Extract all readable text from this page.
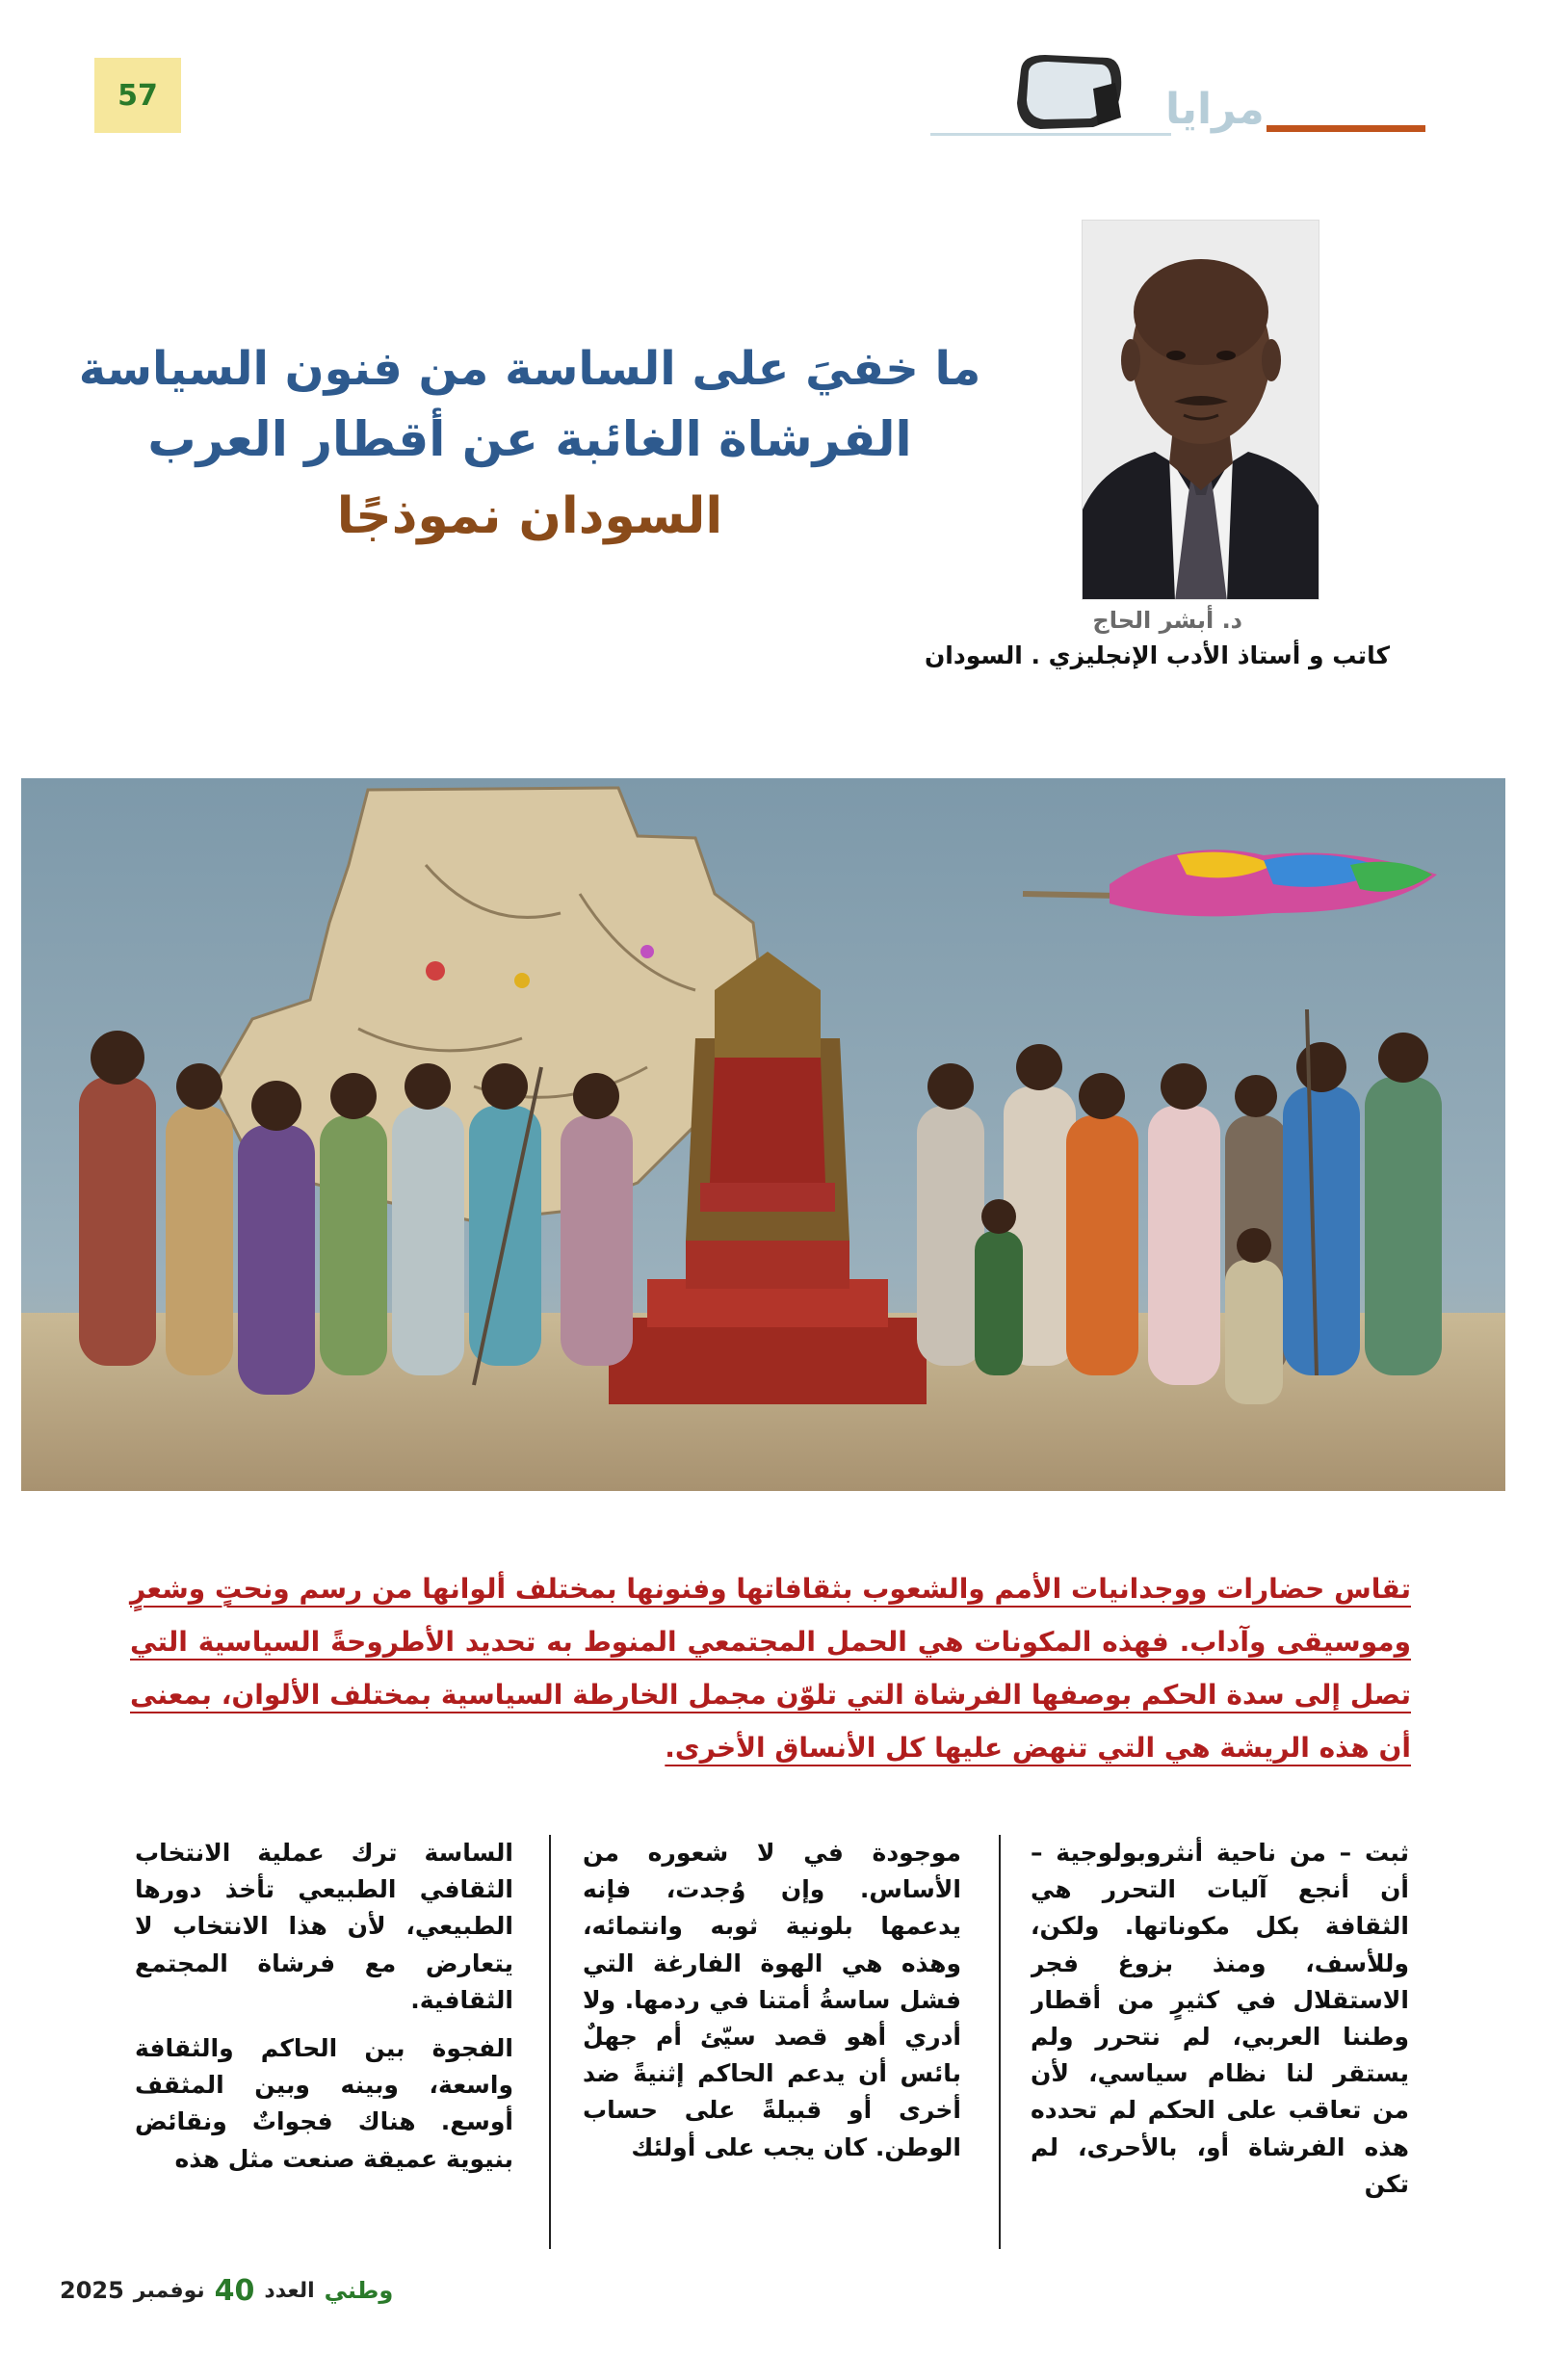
57	مرايا
ما خفيَ على الساسة من فنون السياسة
الفرشاة الغائبة عن أقطار العرب
السودان نموذجًا
د. أبشر الحاج
كاتب و أستاذ الأدب الإنجليزي . السودان
تقاس حضارات ووجدانيات الأمم والشعوب بثقافاتها وفنونها بمختلف ألوانها من رسم ونحتٍ وشعرٍ وموسيقى وآداب. فهذه المكونات هي الحمل المجتمعي المنوط به تحديد الأطروحةً السياسية التي تصل إلى سدة الحكم بوصفها الفرشاة التي تلوّن مجمل الخارطة السياسية بمختلف الألوان، بمعنى أن هذه الريشة هي التي تنهض عليها كل الأنساق الأخرى.

ثبت – من ناحية أنثروبولوجية – أن أنجع آليات التحرر هي الثقافة بكل مكوناتها. ولكن، وللأسف، ومنذ بزوغ فجر الاستقلال في كثيرٍ من أقطار وطننا العربي، لم نتحرر ولم يستقر لنا نظام سياسي، لأن من تعاقب على الحكم لم تحدده هذه الفرشاة أو، بالأحرى، لم تكن

موجودة في لا شعوره من الأساس. وإن وُجدت، فإنه يدعمها بلونية ثوبه وانتمائه، وهذه هي الهوة الفارغة التي فشل ساسةُ أمتنا في ردمها. ولا أدري أهو قصد سيّئ أم جهلٌ بائس أن يدعم الحاكم إثنيةً ضد أخرى أو قبيلةً على حساب الوطن. كان يجب على أولئك

الساسة ترك عملية الانتخاب الثقافي الطبيعي تأخذ دورها الطبيعي، لأن هذا الانتخاب لا يتعارض مع فرشاة المجتمع الثقافية.

الفجوة بين الحاكم والثقافة واسعة، وبينه وبين المثقف أوسع. هناك فجواتٌ ونقائض بنيوية عميقة صنعت مثل هذه

2025 نوفمبر 40 العدد وطني
